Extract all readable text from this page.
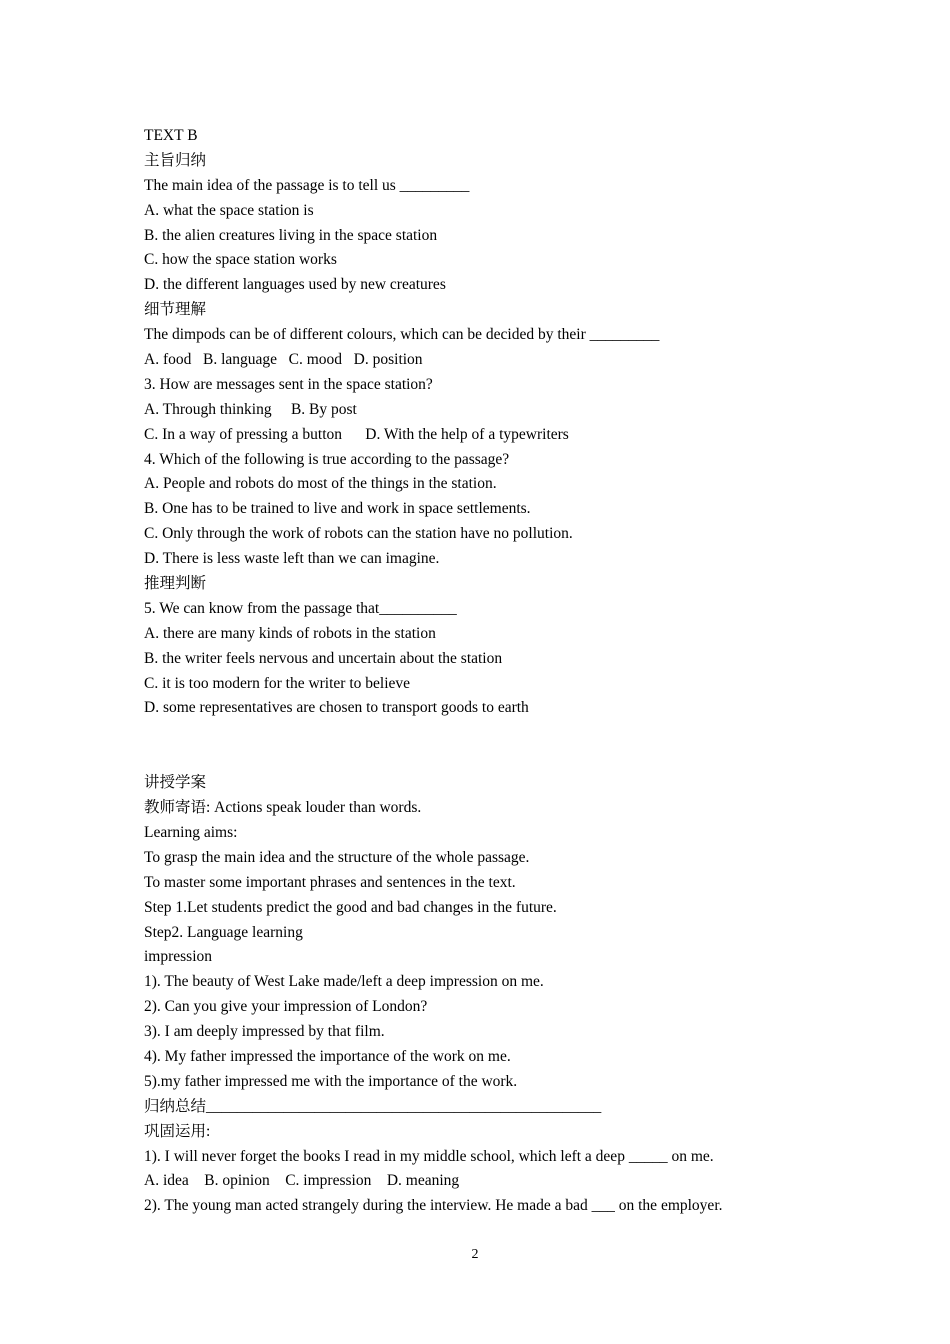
TEXT B
主旨归纳
The main idea of the passage is to tell us _________
A. what the space station is
B. the alien creatures living in the space station
C. how the space station works
D. the different languages used by new creatures
细节理解
The dimpods can be of different colours, which can be decided by their _________
A. food   B. language   C. mood   D. position
3. How are messages sent in the space station?
A. Through thinking     B. By post
C. In a way of pressing a button      D. With the help of a typewriters
4. Which of the following is true according to the passage?
A. People and robots do most of the things in the station.
B. One has to be trained to live and work in space settlements.
C. Only through the work of robots can the station have no pollution.
D. There is less waste left than we can imagine.
推理判断
5. We can know from the passage that__________
A. there are many kinds of robots in the station
B. the writer feels nervous and uncertain about the station
C. it is too modern for the writer to believe
D. some representatives are chosen to transport goods to earth
讲授学案
教师寄语: Actions speak louder than words.
Learning aims:
To grasp the main idea and the structure of the whole passage.
To master some important phrases and sentences in the text.
Step 1.Let students predict the good and bad changes in the future.
Step2. Language learning
impression
1). The beauty of West Lake made/left a deep impression on me.
2). Can you give your impression of London?
3). I am deeply impressed by that film.
4). My father impressed the importance of the work on me.
5).my father impressed me with the importance of the work.
归纳总结___________________________________________________
巩固运用:
1). I will never forget the books I read in my middle school, which left a deep _____ on me.
A. idea    B. opinion    C. impression    D. meaning
2). The young man acted strangely during the interview. He made a bad ___ on the employer.
2
